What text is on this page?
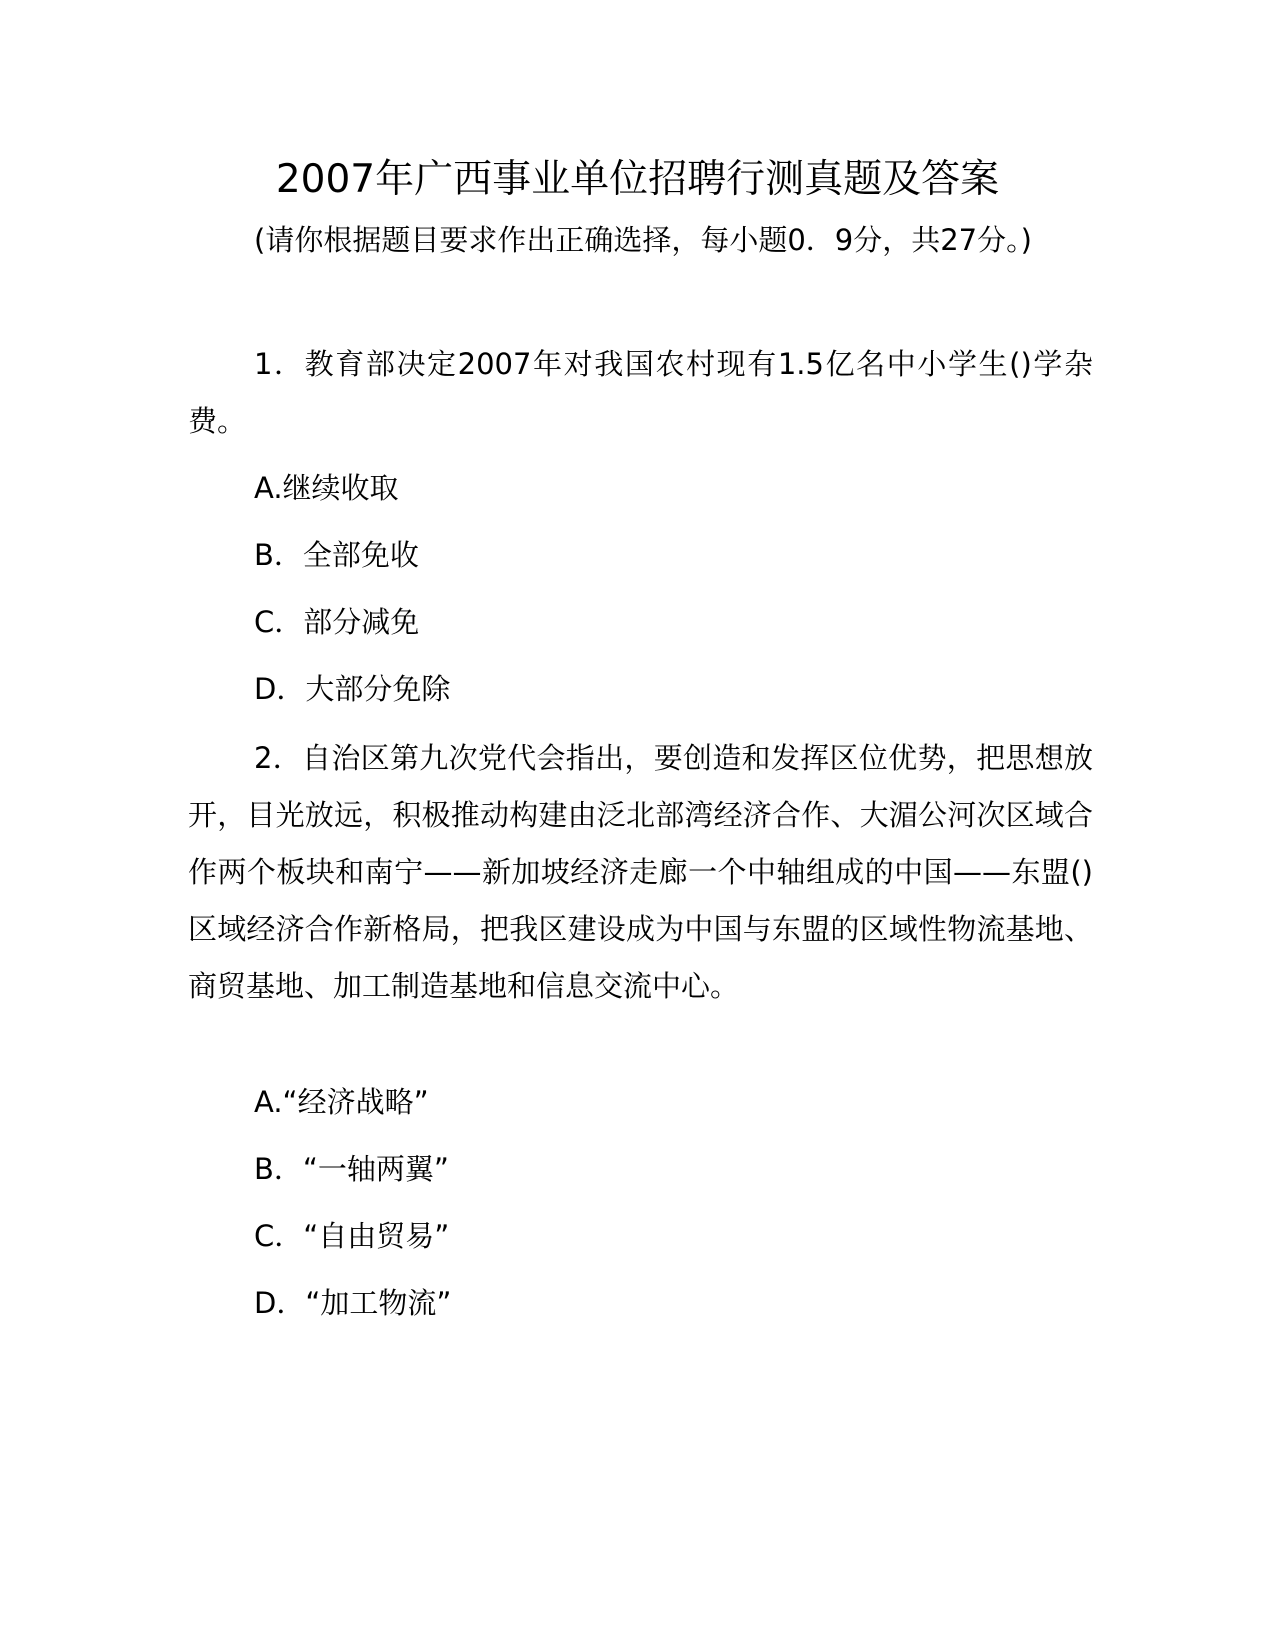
2007年广西事业单位招聘行测真题及答案
(请你根据题目要求作出正确选择，每小题0．9分，共27分。)
1．教育部决定2007年对我国农村现有1.5亿名中小学生()学杂费。
A.继续收取
B．全部免收
C．部分减免
D．大部分免除
2．自治区第九次党代会指出，要创造和发挥区位优势，把思想放开，目光放远，积极推动构建由泛北部湾经济合作、大湄公河次区域合作两个板块和南宁——新加坡经济走廊一个中轴组成的中国——东盟()区域经济合作新格局，把我区建设成为中国与东盟的区域性物流基地、商贸基地、加工制造基地和信息交流中心。
A.“经济战略”
B．“一轴两翼”
C．“自由贸易”
D．“加工物流”
